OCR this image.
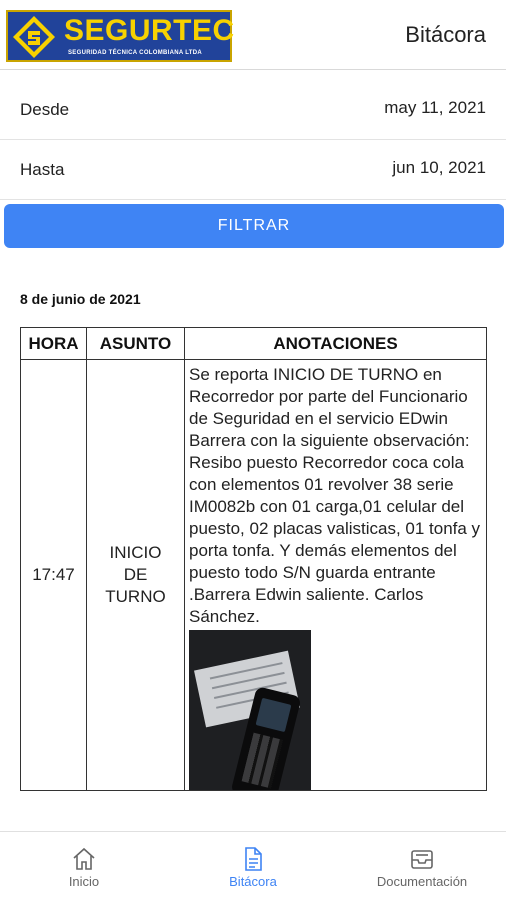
SEGURTEC
SEGURIDAD TÉCNICA COLOMBIANA LTDA
Bitácora
Desde	may 11, 2021
Hasta	jun 10, 2021
FILTRAR
8 de junio de 2021
HORA	ASUNTO	ANOTACIONES
17:47	INICIO DE TURNO	Se reporta INICIO DE TURNO en Recorredor por parte del Funcionario de Seguridad en el servicio EDwin Barrera con la siguiente observación:
Resibo puesto Recorredor coca cola con elementos 01 revolver 38 serie IM0082b con 01 carga,01 celular del puesto, 02 placas valisticas, 01 tonfa y porta tonfa. Y demás elementos del puesto todo S/N guarda entrante .Barrera Edwin saliente. Carlos Sánchez.
Inicio	Bitácora	Documentación
